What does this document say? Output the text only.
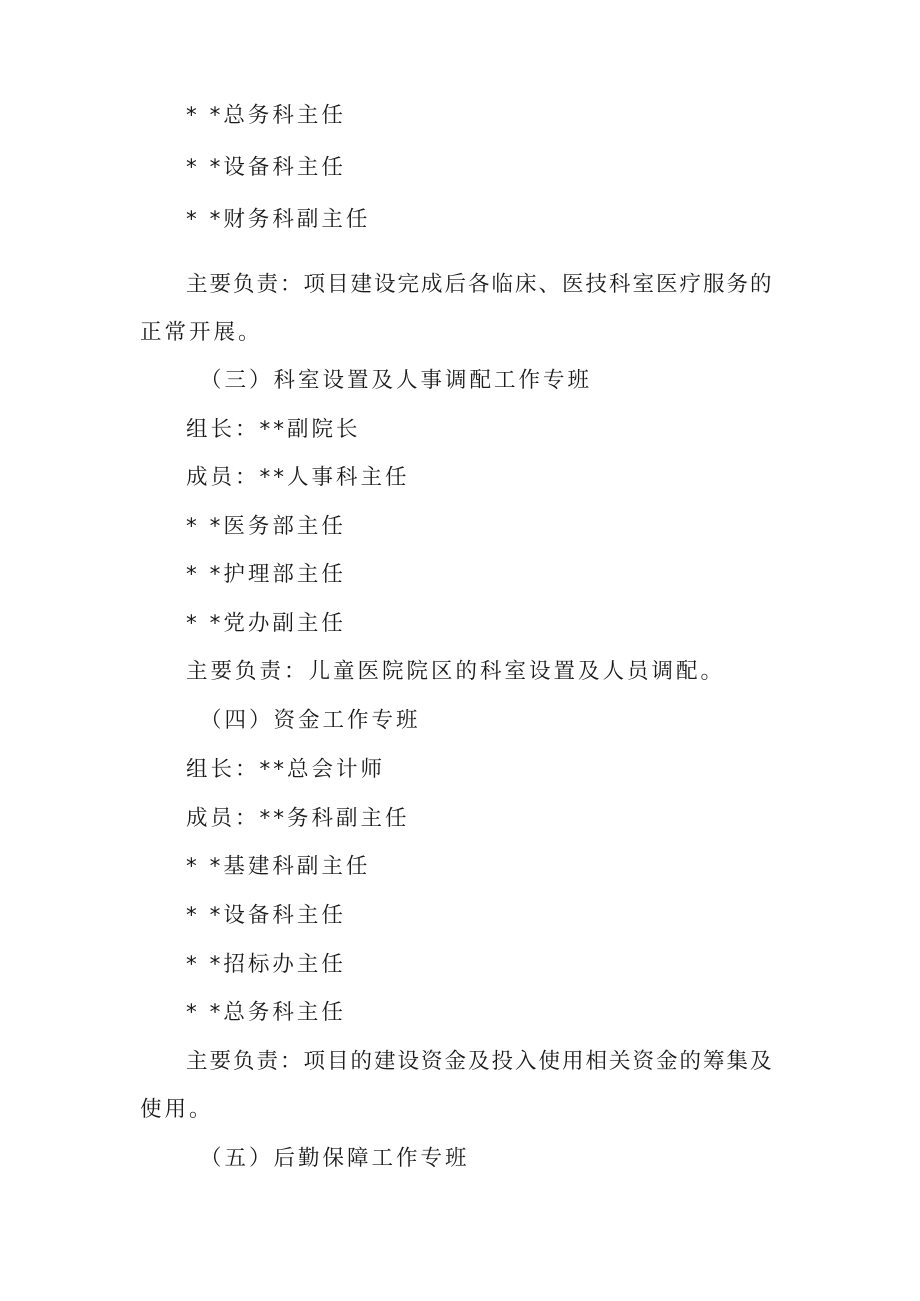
* *总务科主任

* *设备科主任

* *财务科副主任

主要负责：项目建设完成后各临床、医技科室医疗服务的

正常开展。

（三）科室设置及人事调配工作专班

组长：**副院长

成员：**人事科主任

* *医务部主任

* *护理部主任

* *党办副主任

主要负责：儿童医院院区的科室设置及人员调配。

（四）资金工作专班

组长：**总会计师

成员：**务科副主任

* *基建科副主任

* *设备科主任

* *招标办主任

* *总务科主任

主要负责：项目的建设资金及投入使用相关资金的筹集及

使用。

（五）后勤保障工作专班
